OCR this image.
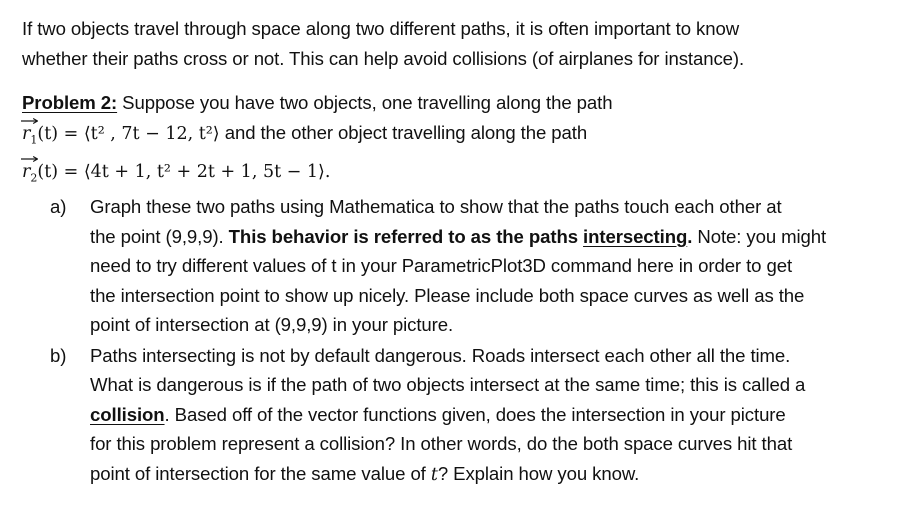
If two objects travel through space along two different paths, it is often important to know
whether their paths cross or not. This can help avoid collisions (of airplanes for instance).
Problem 2: Suppose you have two objects, one travelling along the path
$r_1(t)$ = ⟨t² , 7t − 12, t²⟩ and the other object travelling along the path
$r_2(t)$ = ⟨4t + 1, t² + 2t + 1, 5t − 1⟩.
a) Graph these two paths using Mathematica to show that the paths touch each other at
the point (9,9,9). This behavior is referred to as the paths intersecting. Note: you might
need to try different values of t in your ParametricPlot3D command here in order to get
the intersection point to show up nicely. Please include both space curves as well as the
point of intersection at (9,9,9) in your picture.
b) Paths intersecting is not by default dangerous. Roads intersect each other all the time.
What is dangerous is if the path of two objects intersect at the same time; this is called a
collision. Based off of the vector functions given, does the intersection in your picture
for this problem represent a collision? In other words, do the both space curves hit that
point of intersection for the same value of t? Explain how you know.
